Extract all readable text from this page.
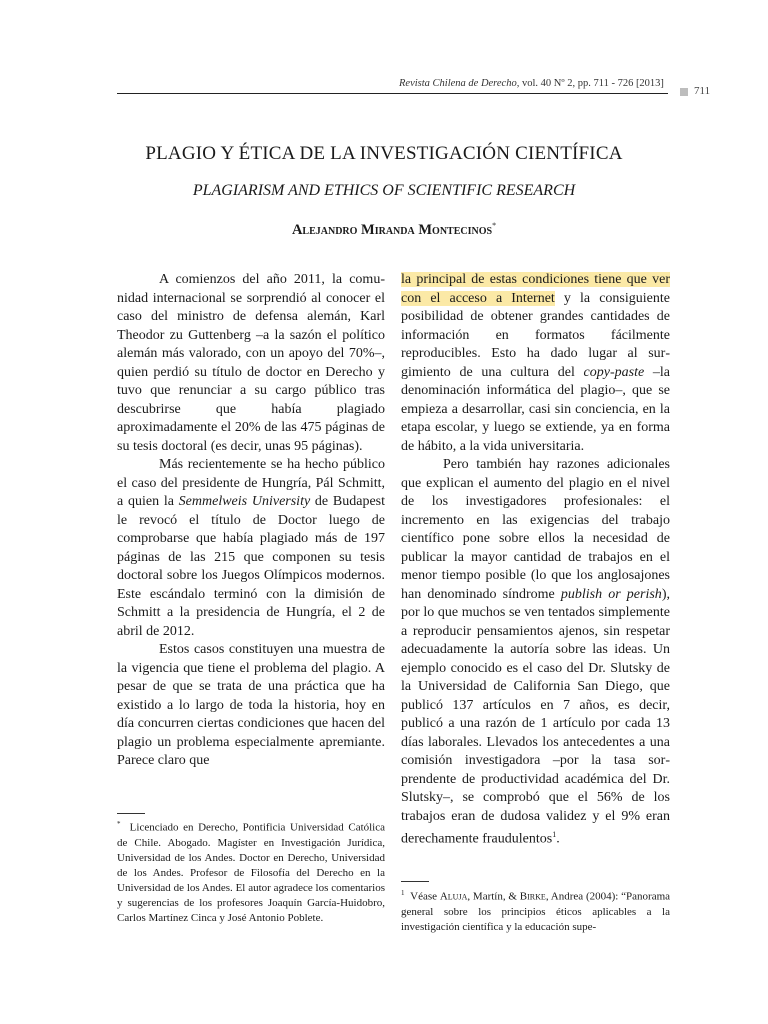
Revista Chilena de Derecho, vol. 40 Nº 2, pp. 711 - 726 [2013]
711
PLAGIO Y ÉTICA DE LA INVESTIGACIÓN CIENTÍFICA
PLAGIARISM AND ETHICS OF SCIENTIFIC RESEARCH
Alejandro Miranda Montecinos*

A comienzos del año 2011, la comunidad internacional se sorprendió al conocer el caso del ministro de defensa alemán, Karl Theodor zu Guttenberg –a la sazón el político alemán más valorado, con un apoyo del 70%–, quien perdió su título de doctor en Derecho y tuvo que renunciar a su cargo público tras descubrirse que había plagiado aproximadamente el 20% de las 475 páginas de su tesis doctoral (es decir, unas 95 páginas).

Más recientemente se ha hecho público el caso del presidente de Hungría, Pál Schmitt, a quien la Semmelweis University de Budapest le revocó el título de Doctor luego de comprobarse que había plagiado más de 197 páginas de las 215 que componen su tesis doctoral sobre los Juegos Olímpicos modernos. Este escándalo terminó con la dimisión de Schmitt a la presidencia de Hungría, el 2 de abril de 2012.

Estos casos constituyen una muestra de la vigencia que tiene el problema del plagio. A pesar de que se trata de una práctica que ha existido a lo largo de toda la historia, hoy en día concurren ciertas condiciones que hacen del plagio un problema especialmente apremiante. Parece claro que

la principal de estas condiciones tiene que ver con el acceso a Internet y la consiguiente posibilidad de obtener grandes cantidades de información en formatos fácilmente reproducibles. Esto ha dado lugar al surgimiento de una cultura del copy-paste –la denominación informática del plagio–, que se empieza a desarrollar, casi sin conciencia, en la etapa escolar, y luego se extiende, ya en forma de hábito, a la vida universitaria.

Pero también hay razones adicionales que explican el aumento del plagio en el nivel de los investigadores profesionales: el incremento en las exigencias del trabajo científico pone sobre ellos la necesidad de publicar la mayor cantidad de trabajos en el menor tiempo posible (lo que los anglosajones han denominado síndrome publish or perish), por lo que muchos se ven tentados simplemente a reproducir pensamientos ajenos, sin respetar adecuadamente la autoría sobre las ideas. Un ejemplo conocido es el caso del Dr. Slutsky de la Universidad de California San Diego, que publicó 137 artículos en 7 años, es decir, publicó a una razón de 1 artículo por cada 13 días laborales. Llevados los antecedentes a una comisión investigadora –por la tasa sorprendente de productividad académica del Dr. Slutsky–, se comprobó que el 56% de los trabajos eran de dudosa validez y el 9% eran derechamente fraudulentos$^1$.

* Licenciado en Derecho, Pontificia Universidad Católica de Chile. Abogado. Magíster en Investigación Jurídica, Universidad de los Andes. Doctor en Derecho, Universidad de los Andes. Profesor de Filosofía del Derecho en la Universidad de los Andes. El autor agradece los comentarios y sugerencias de los profesores Joaquín García-Huidobro, Carlos Martínez Cinca y José Antonio Poblete.
$^1$ Véase Aluja, Martín, & Birke, Andrea (2004): “Panorama general sobre los principios éticos aplicables a la investigación científica y la educación supe-
